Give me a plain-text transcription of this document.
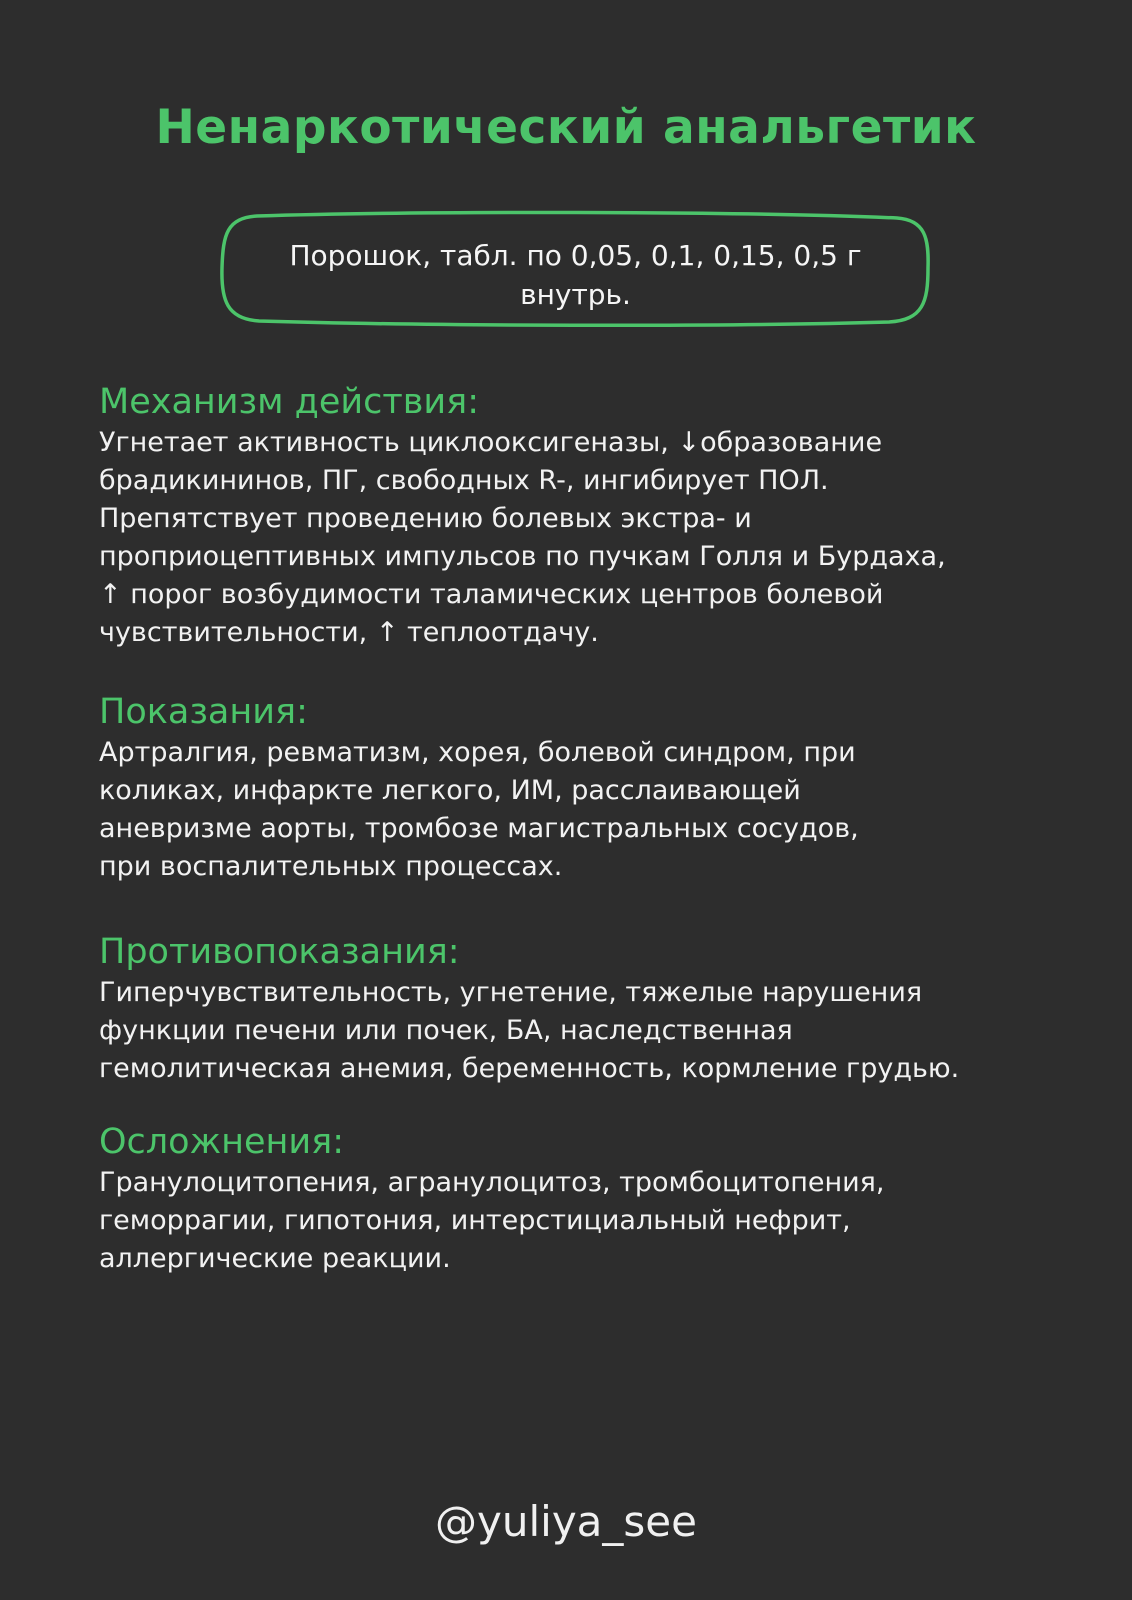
Ненаркотический анальгетик
Порошок, табл. по 0,05, 0,1, 0,15, 0,5 г внутрь.
Механизм действия:

Угнетает активность циклооксигеназы, ↓образование
брадикининов, ПГ, свободных R-, ингибирует ПОЛ.
Препятствует проведению болевых экстра- и
проприоцептивных импульсов по пучкам Голля и Бурдаха,
↑ порог возбудимости таламических центров болевой
чувствительности, ↑ теплоотдачу.

Показания:

Артралгия, ревматизм, хорея, болевой синдром, при
коликах, инфаркте легкого, ИМ, расслаивающей
аневризме аорты, тромбозе магистральных сосудов,
при воспалительных процессах.

Противопоказания:

Гиперчувствительность, угнетение, тяжелые нарушения
функции печени или почек, БА, наследственная
гемолитическая анемия, беременность, кормление грудью.

Осложнения:

Гранулоцитопения, агранулоцитоз, тромбоцитопения,
геморрагии, гипотония, интерстициальный нефрит,
аллергические реакции.

@yuliya_see
